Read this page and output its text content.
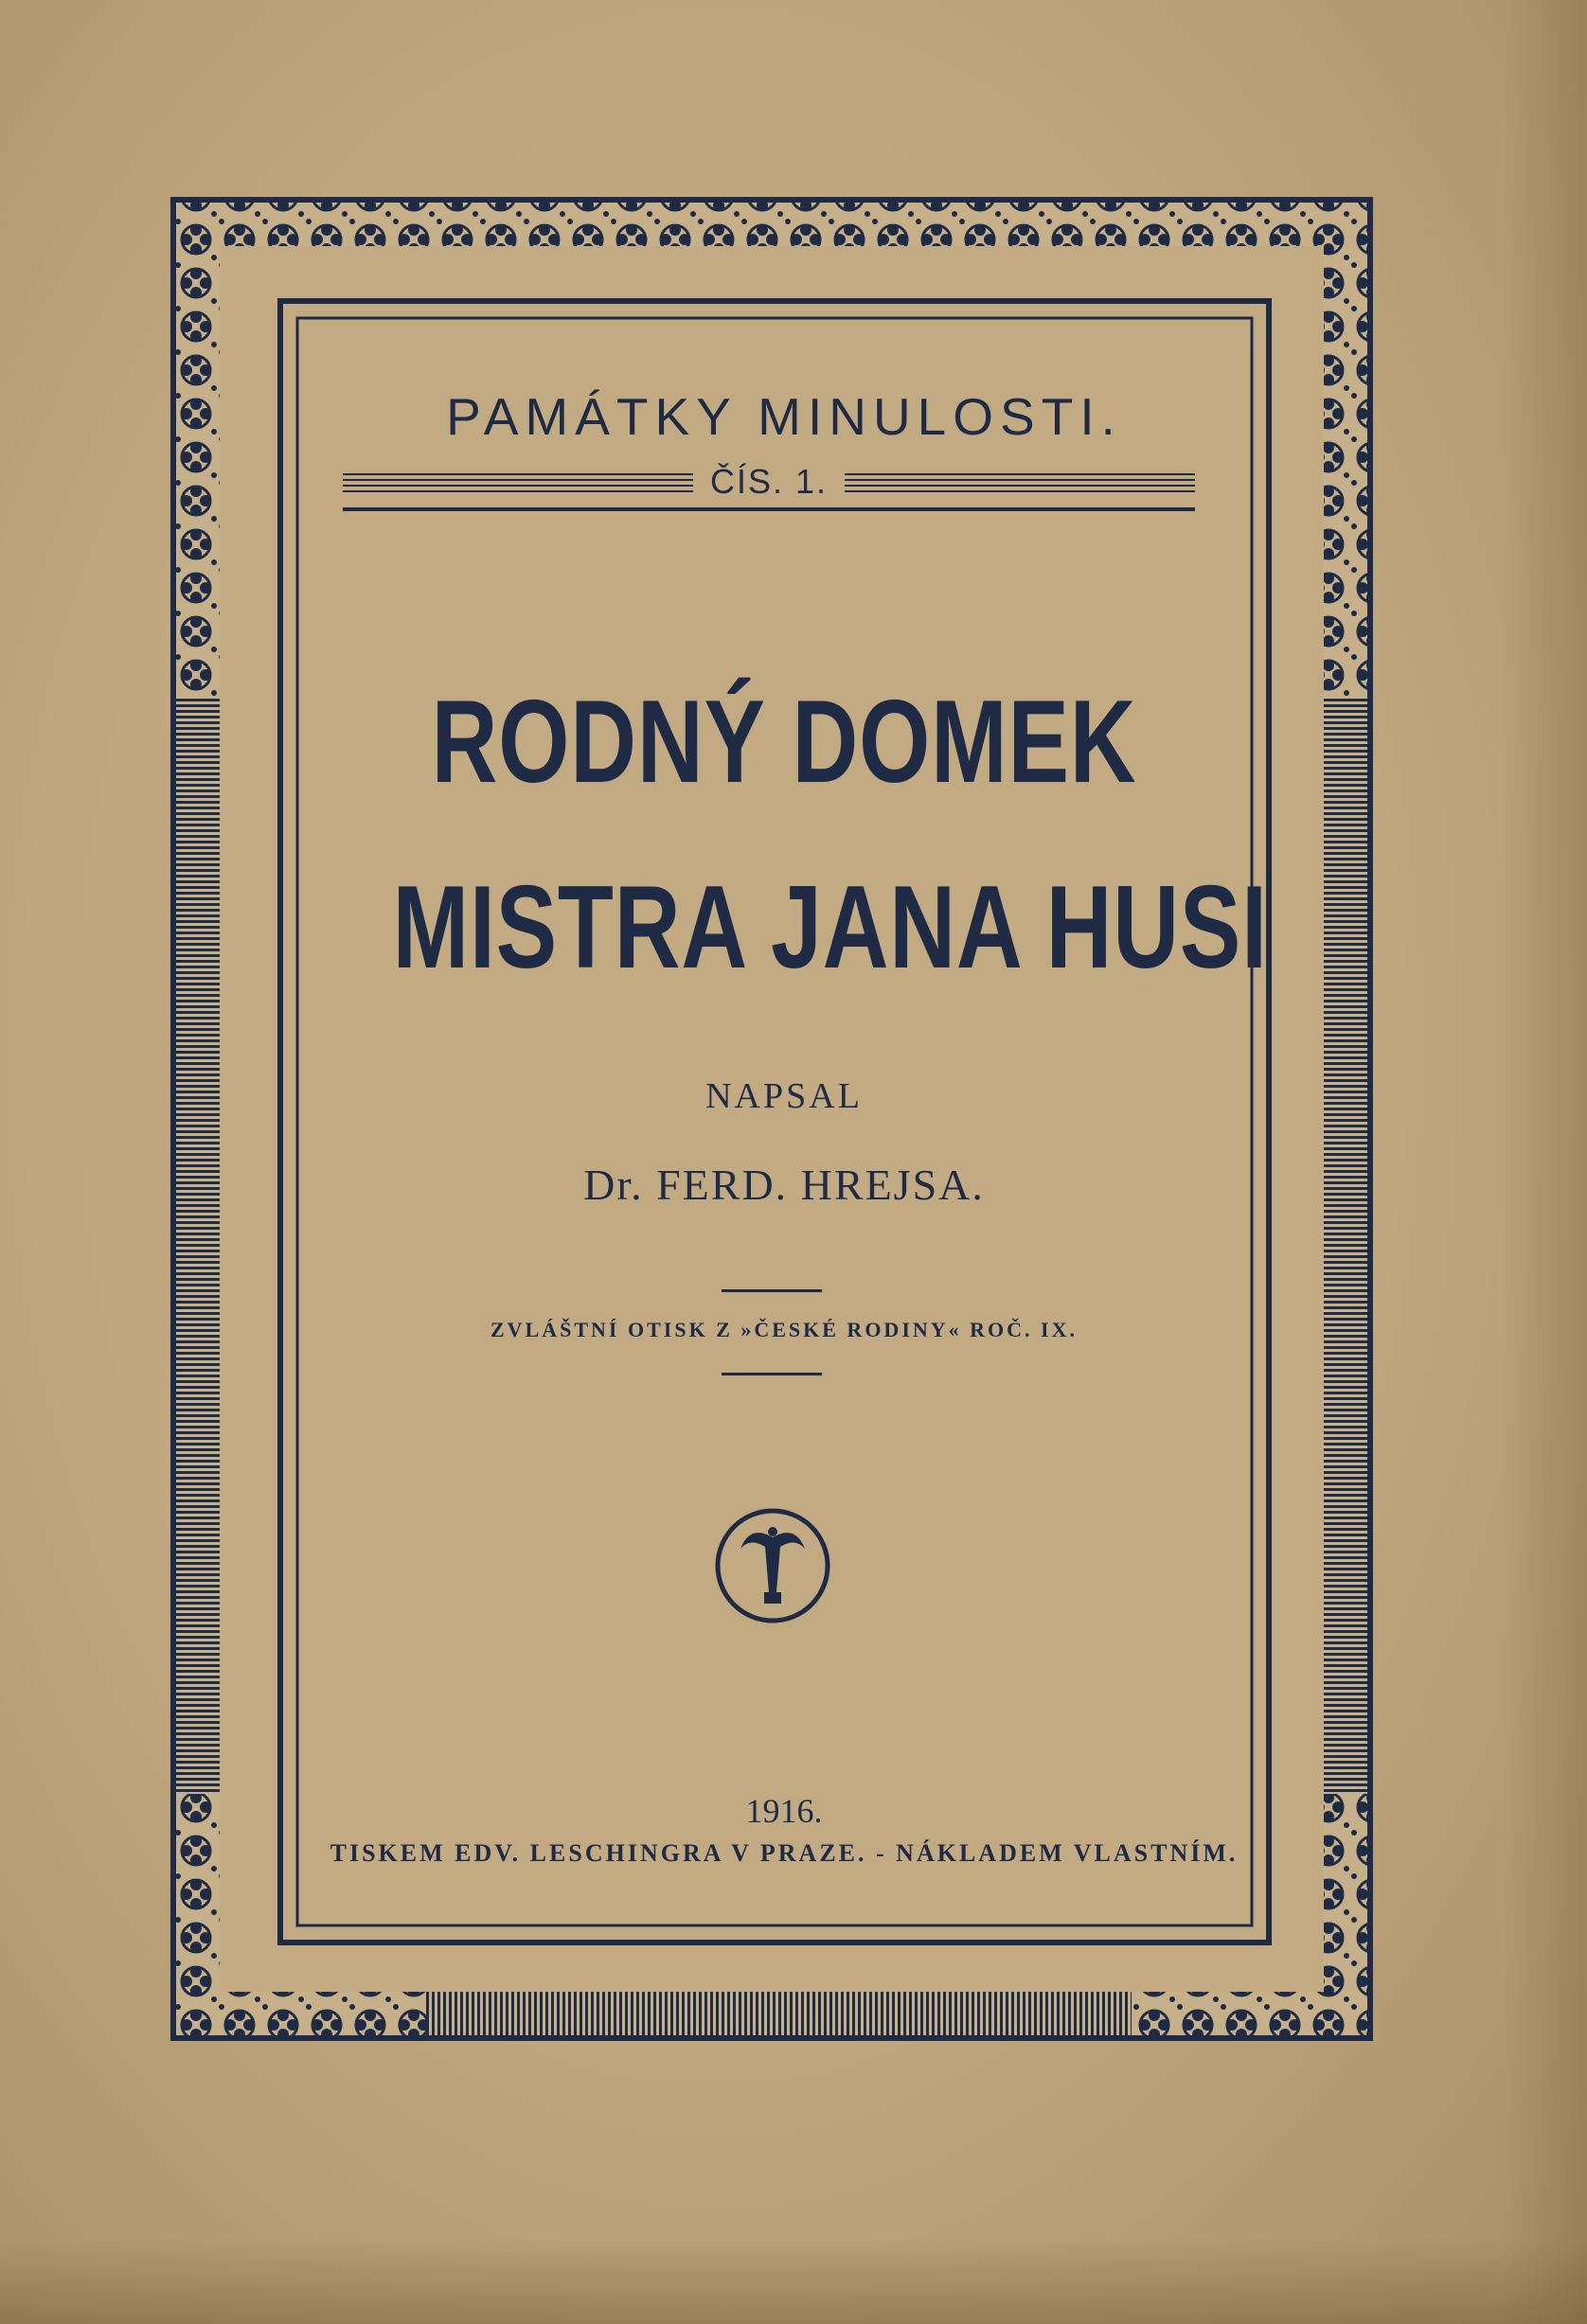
PAMÁTKY MINULOSTI.
ČÍS. 1.
RODNÝ DOMEK
MISTRA JANA HUSI
NAPSAL
Dr. FERD. HREJSA.
ZVLÁŠTNÍ OTISK Z »ČESKÉ RODINY« ROČ. IX.
1916.
TISKEM EDV. LESCHINGRA V PRAZE. - NÁKLADEM VLASTNÍM.
